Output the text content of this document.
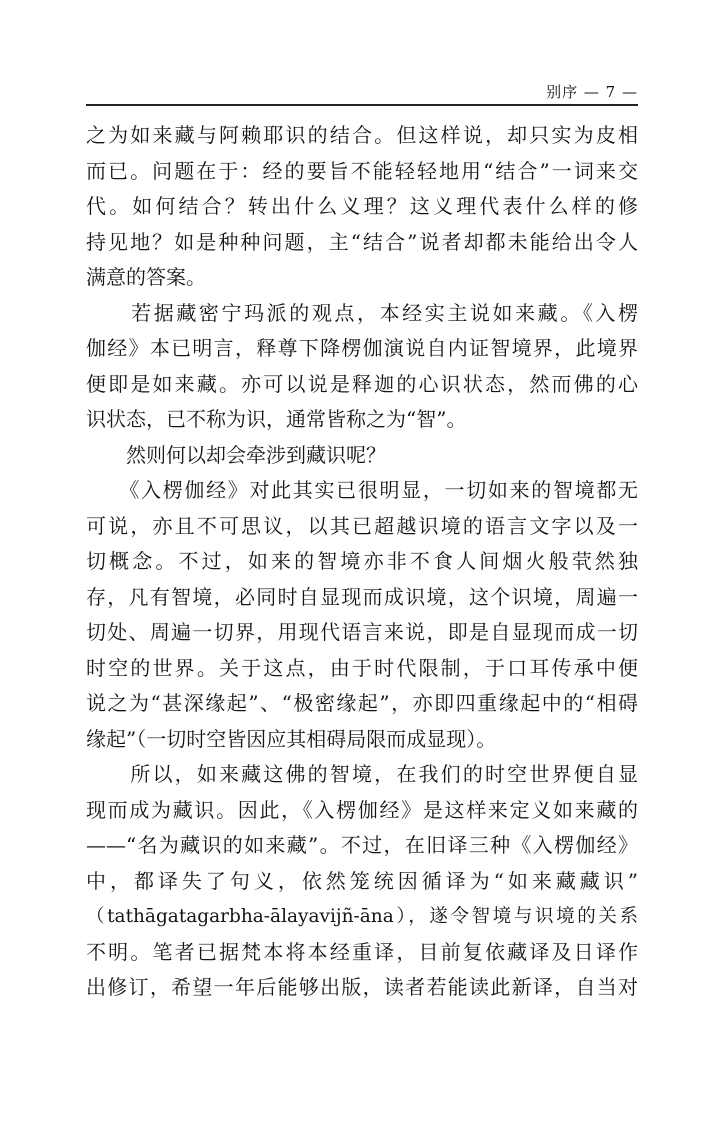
别序 — 7 —
之为如来藏与阿赖耶识的结合。但这样说，却只实为皮相
而已。问题在于：经的要旨不能轻轻地用“结合”一词来交
代。如何结合？转出什么义理？这义理代表什么样的修
持见地？如是种种问题，主“结合”说者却都未能给出令人
满意的答案。
　　若据藏密宁玛派的观点，本经实主说如来藏。《入楞
伽经》本已明言，释尊下降楞伽演说自内证智境界，此境界
便即是如来藏。亦可以说是释迦的心识状态，然而佛的心
识状态，已不称为识，通常皆称之为“智”。
　　然则何以却会牵涉到藏识呢？
　　《入楞伽经》对此其实已很明显，一切如来的智境都无
可说，亦且不可思议，以其已超越识境的语言文字以及一
切概念。不过，如来的智境亦非不食人间烟火般茕然独
存，凡有智境，必同时自显现而成识境，这个识境，周遍一
切处、周遍一切界，用现代语言来说，即是自显现而成一切
时空的世界。关于这点，由于时代限制，于口耳传承中便
说之为“甚深缘起”、“极密缘起”，亦即四重缘起中的“相碍
缘起”（一切时空皆因应其相碍局限而成显现）。
　　所以，如来藏这佛的智境，在我们的时空世界便自显
现而成为藏识。因此，《入楞伽经》是这样来定义如来藏的
——“名为藏识的如来藏”。不过，在旧译三种《入楞伽经》
中，都译失了句义，依然笼统因循译为“如来藏藏识”
（tathāgatagarbha-ālayavijñ-āna），遂令智境与识境的关系
不明。笔者已据梵本将本经重译，目前复依藏译及日译作
出修订，希望一年后能够出版，读者若能读此新译，自当对
